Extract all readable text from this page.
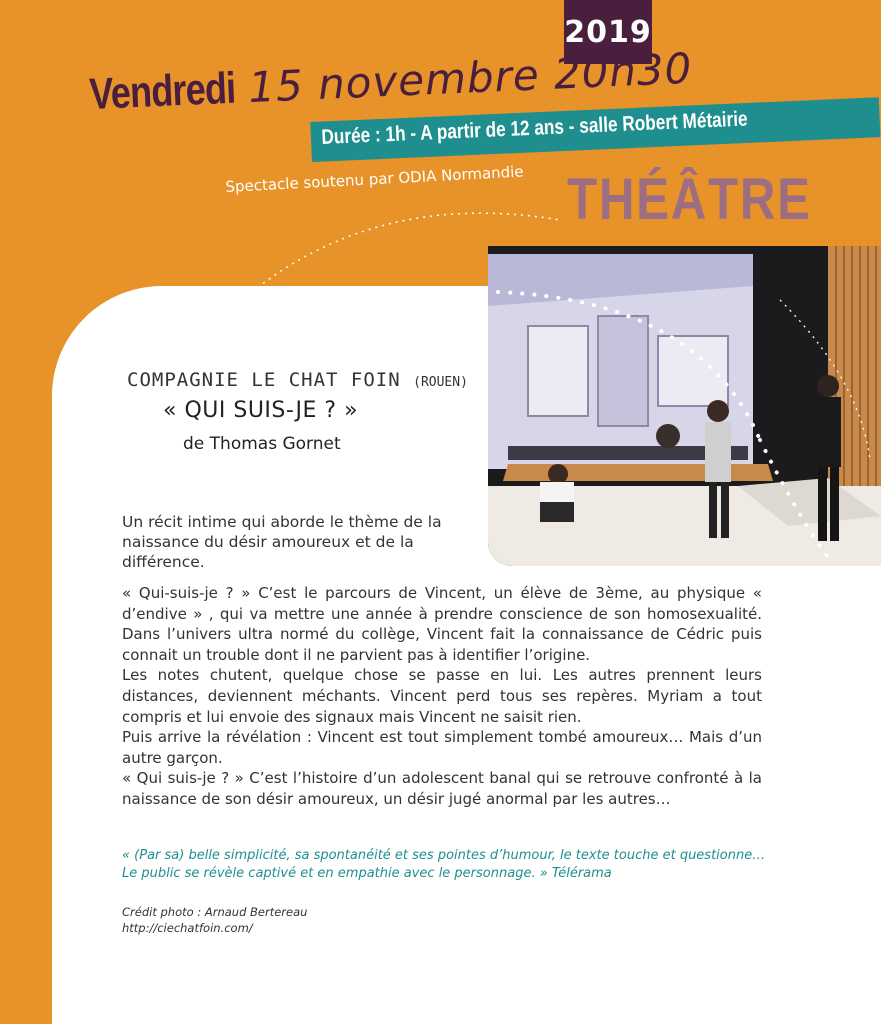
2019
Vendredi 15 novembre 20h30
Durée : 1h - A partir de 12 ans - salle Robert Métairie
Spectacle soutenu par ODIA Normandie THÉÂTRE
COMPAGNIE LE CHAT FOIN (ROUEN)
« QUI SUIS-JE ? »
de Thomas Gornet
Un récit intime qui aborde le thème de la naissance du désir amoureux et de la différence.

« Qui-suis-je ? » C’est le parcours de Vincent, un élève de 3ème, au physique « d’endive » , qui va mettre une année à prendre conscience de son homosexualité. Dans l’univers ultra normé du collège, Vincent fait la connaissance de Cédric puis connait un trouble dont il ne parvient pas à identifier l’origine.

Les notes chutent, quelque chose se passe en lui. Les autres prennent leurs distances, deviennent méchants. Vincent perd tous ses repères. Myriam a tout compris et lui envoie des signaux mais Vincent ne saisit rien.

Puis arrive la révélation : Vincent est tout simplement tombé amoureux… Mais d’un autre garçon.

« Qui suis-je ? » C’est l’histoire d’un adolescent banal qui se retrouve confronté à la naissance de son désir amoureux, un désir jugé anormal par les autres…

« (Par sa) belle simplicité, sa spontanéité et ses pointes d’humour, le texte touche et questionne…

Le public se révèle captivé et en empathie avec le personnage. » Télérama

Crédit photo : Arnaud Bertereau

http://ciechatfoin.com/
